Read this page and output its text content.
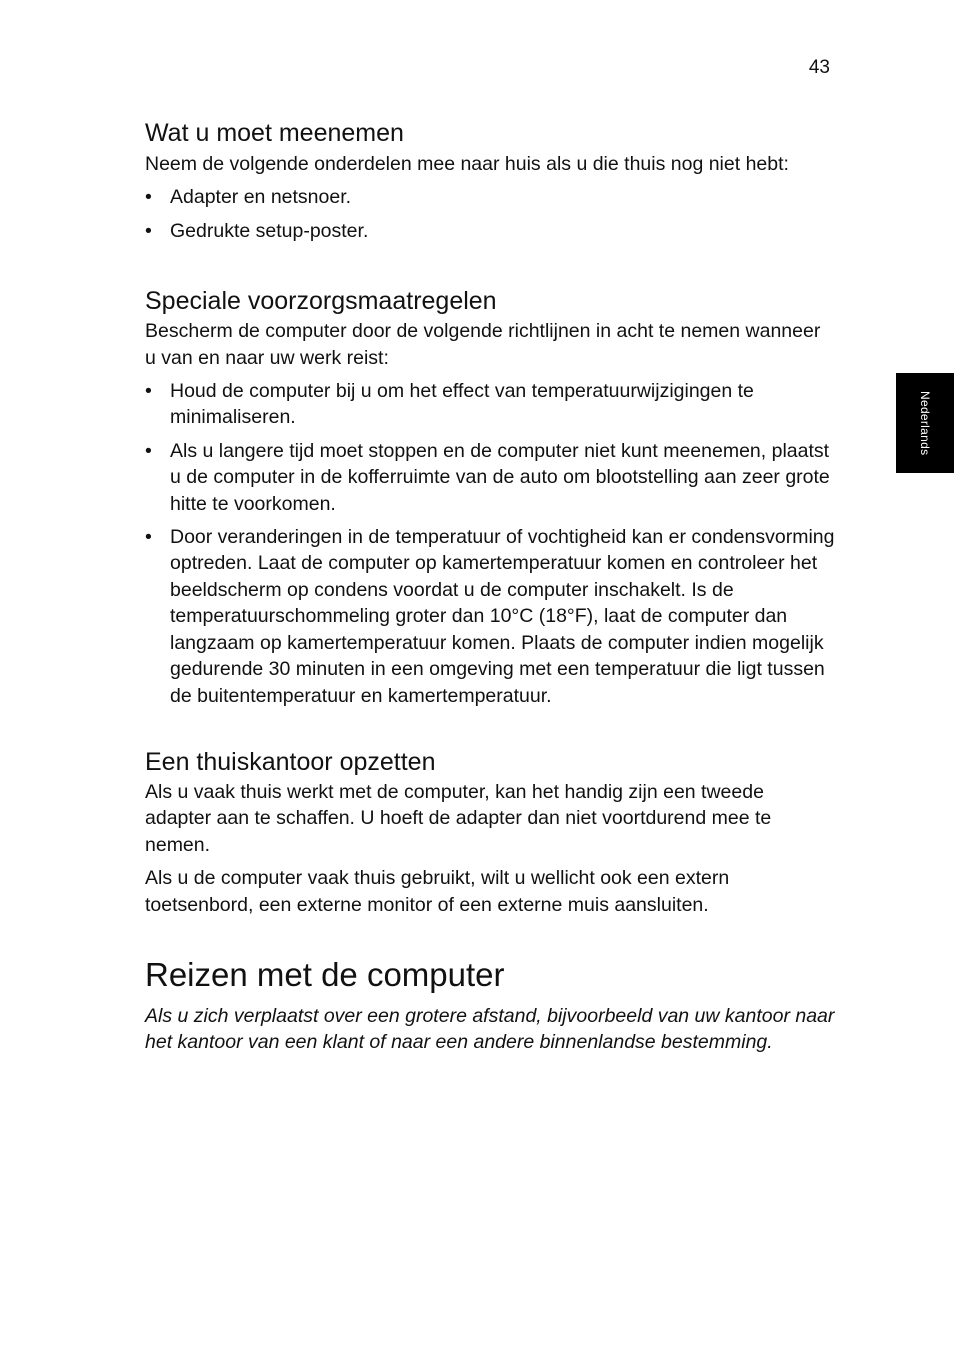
43
Nederlands
Wat u moet meenemen

Neem de volgende onderdelen mee naar huis als u die thuis nog niet hebt:

• Adapter en netsnoer.
• Gedrukte setup-poster.
Speciale voorzorgsmaatregelen

Bescherm de computer door de volgende richtlijnen in acht te nemen wanneer u van en naar uw werk reist:

• Houd de computer bij u om het effect van temperatuurwijzigingen te minimaliseren.
• Als u langere tijd moet stoppen en de computer niet kunt meenemen, plaatst u de computer in de kofferruimte van de auto om blootstelling aan zeer grote hitte te voorkomen.
• Door veranderingen in de temperatuur of vochtigheid kan er condensvorming optreden. Laat de computer op kamertemperatuur komen en controleer het beeldscherm op condens voordat u de computer inschakelt. Is de temperatuurschommeling groter dan 10°C (18°F), laat de computer dan langzaam op kamertemperatuur komen. Plaats de computer indien mogelijk gedurende 30 minuten in een omgeving met een temperatuur die ligt tussen de buitentemperatuur en kamertemperatuur.
Een thuiskantoor opzetten

Als u vaak thuis werkt met de computer, kan het handig zijn een tweede adapter aan te schaffen. U hoeft de adapter dan niet voortdurend mee te nemen.

Als u de computer vaak thuis gebruikt, wilt u wellicht ook een extern toetsenbord, een externe monitor of een externe muis aansluiten.

Reizen met de computer

Als u zich verplaatst over een grotere afstand, bijvoorbeeld van uw kantoor naar het kantoor van een klant of naar een andere binnenlandse bestemming.
